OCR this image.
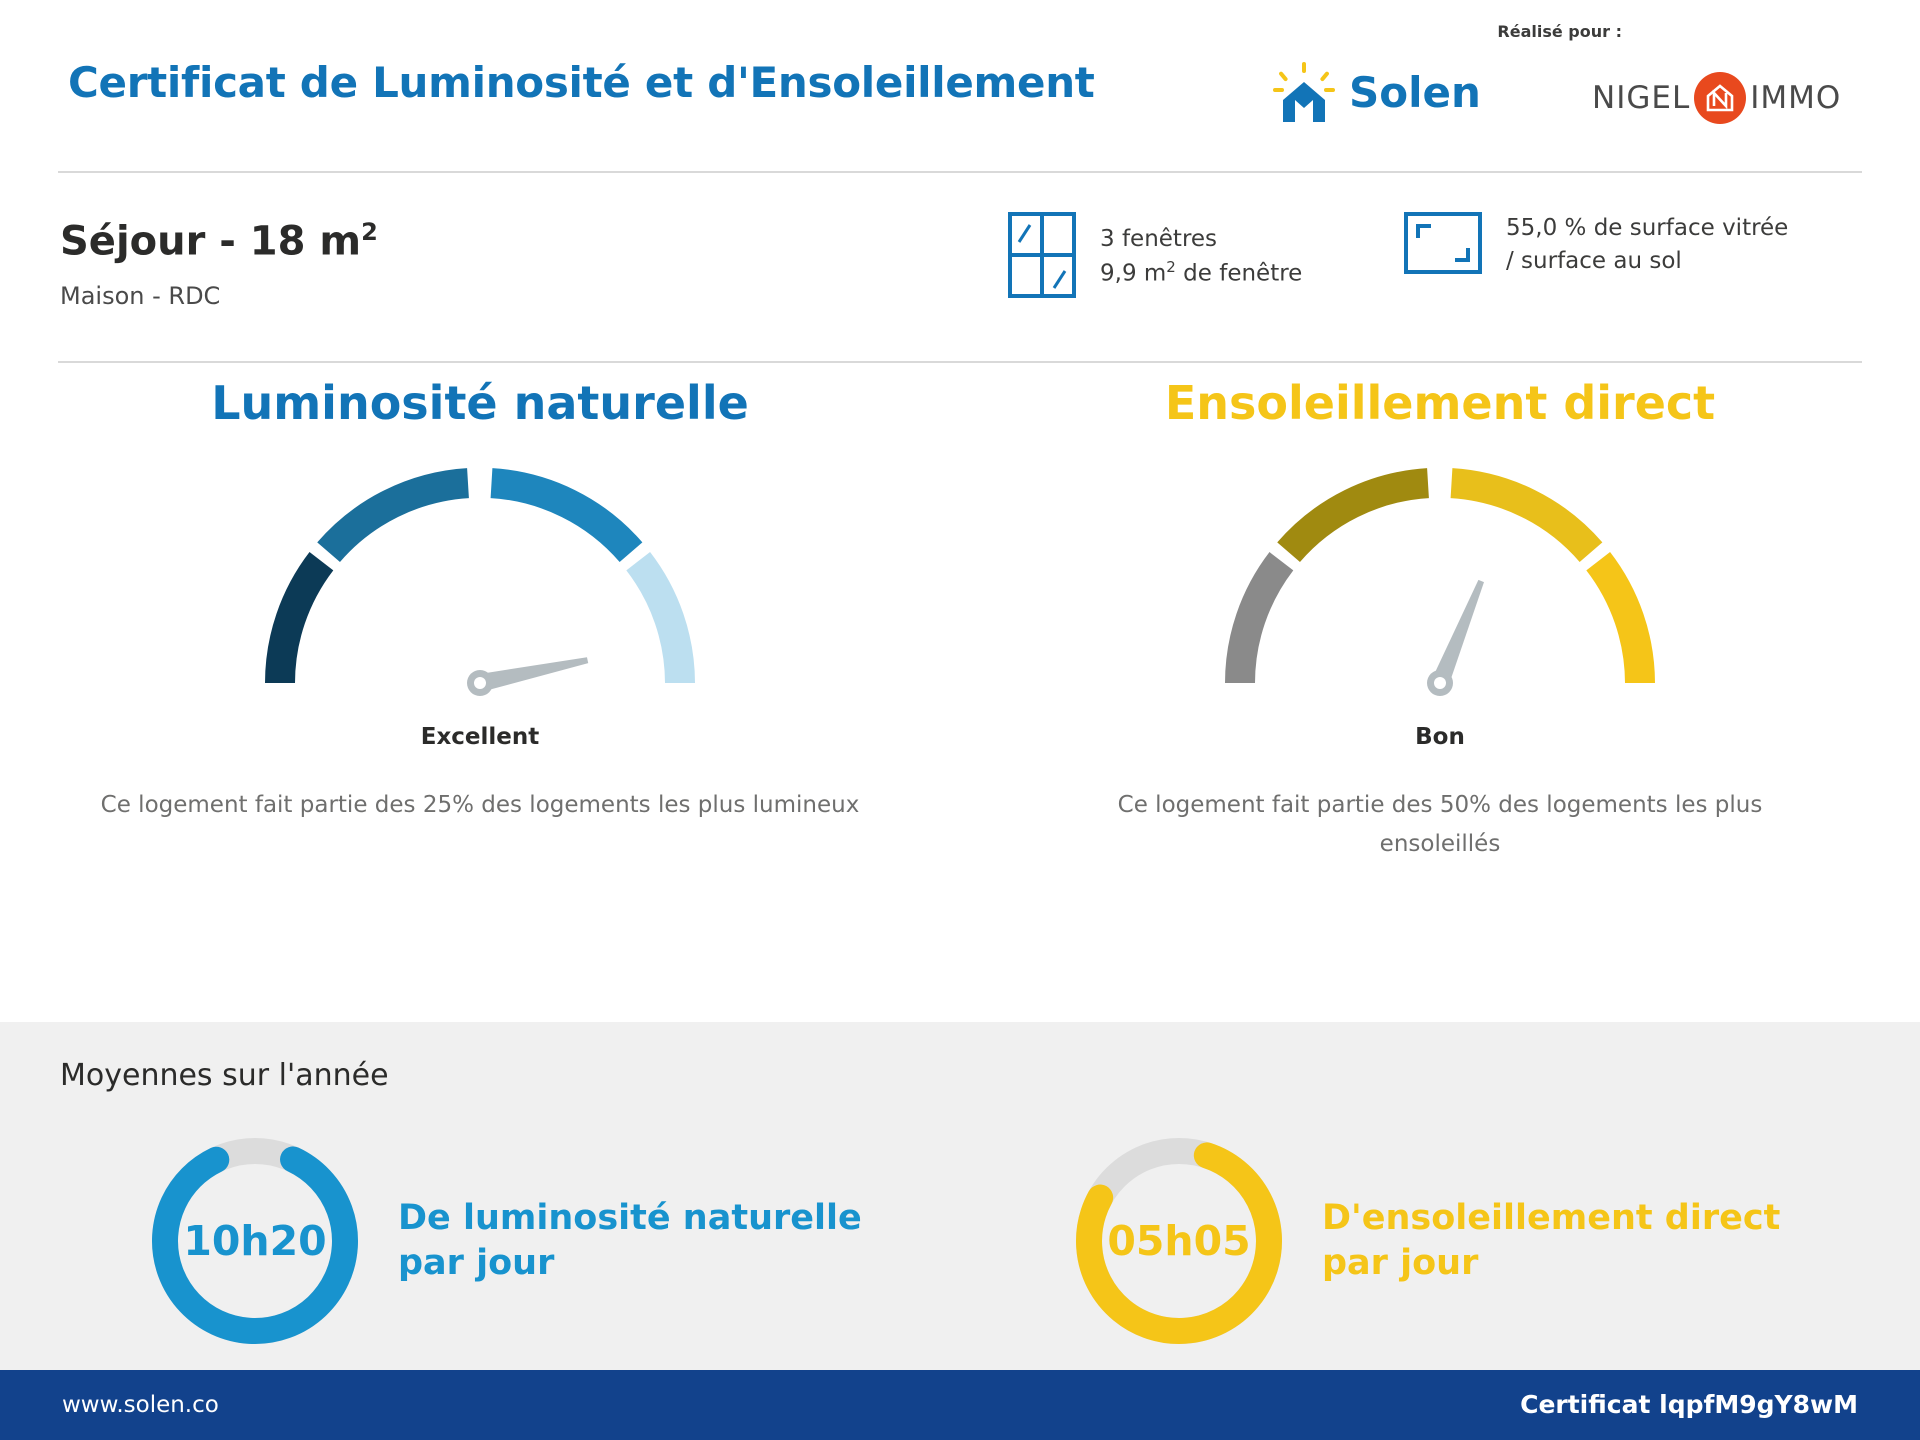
Certificat de Luminosité et d'Ensoleillement
Réalisé pour :
Solen	NIGEL IMMO
Séjour - 18 $m^2$
Maison - RDC
3 fenêtres
9,9 $m^2$ de fenêtre
55,0 % de surface vitrée
/ surface au sol
Luminosité naturelle
Excellent
Ce logement fait partie des 25% des logements les plus lumineux
Ensoleillement direct
Bon
Ce logement fait partie des 50% des logements les plus ensoleillés
Moyennes sur l'année
10h20	De luminosité naturelle
par jour	05h05	D'ensoleillement direct
par jour
www.solen.co	Certificat lqpfM9gY8wM
